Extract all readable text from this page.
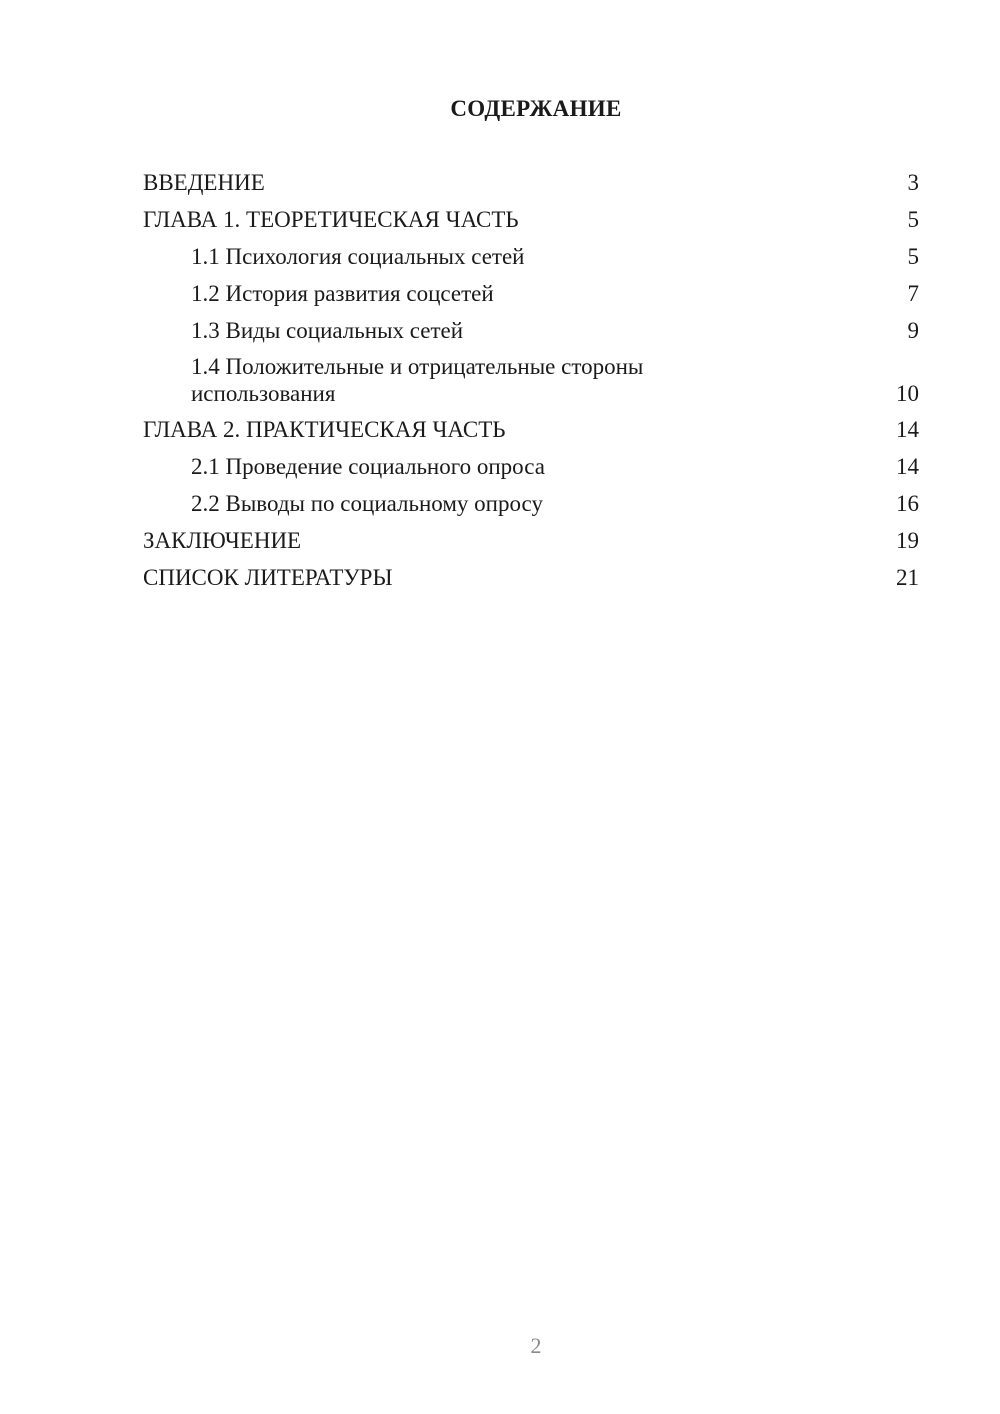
СОДЕРЖАНИЕ
ВВЕДЕНИЕ	3
ГЛАВА 1. ТЕОРЕТИЧЕСКАЯ ЧАСТЬ	5
1.1 Психология социальных сетей	5
1.2 История развития соцсетей	7
1.3 Виды социальных сетей	9
1.4 Положительные и отрицательные стороны
использования	10
ГЛАВА 2. ПРАКТИЧЕСКАЯ ЧАСТЬ	14
2.1 Проведение социального опроса	14
2.2 Выводы по социальному опросу	16
ЗАКЛЮЧЕНИЕ	19
СПИСОК ЛИТЕРАТУРЫ	21
2
